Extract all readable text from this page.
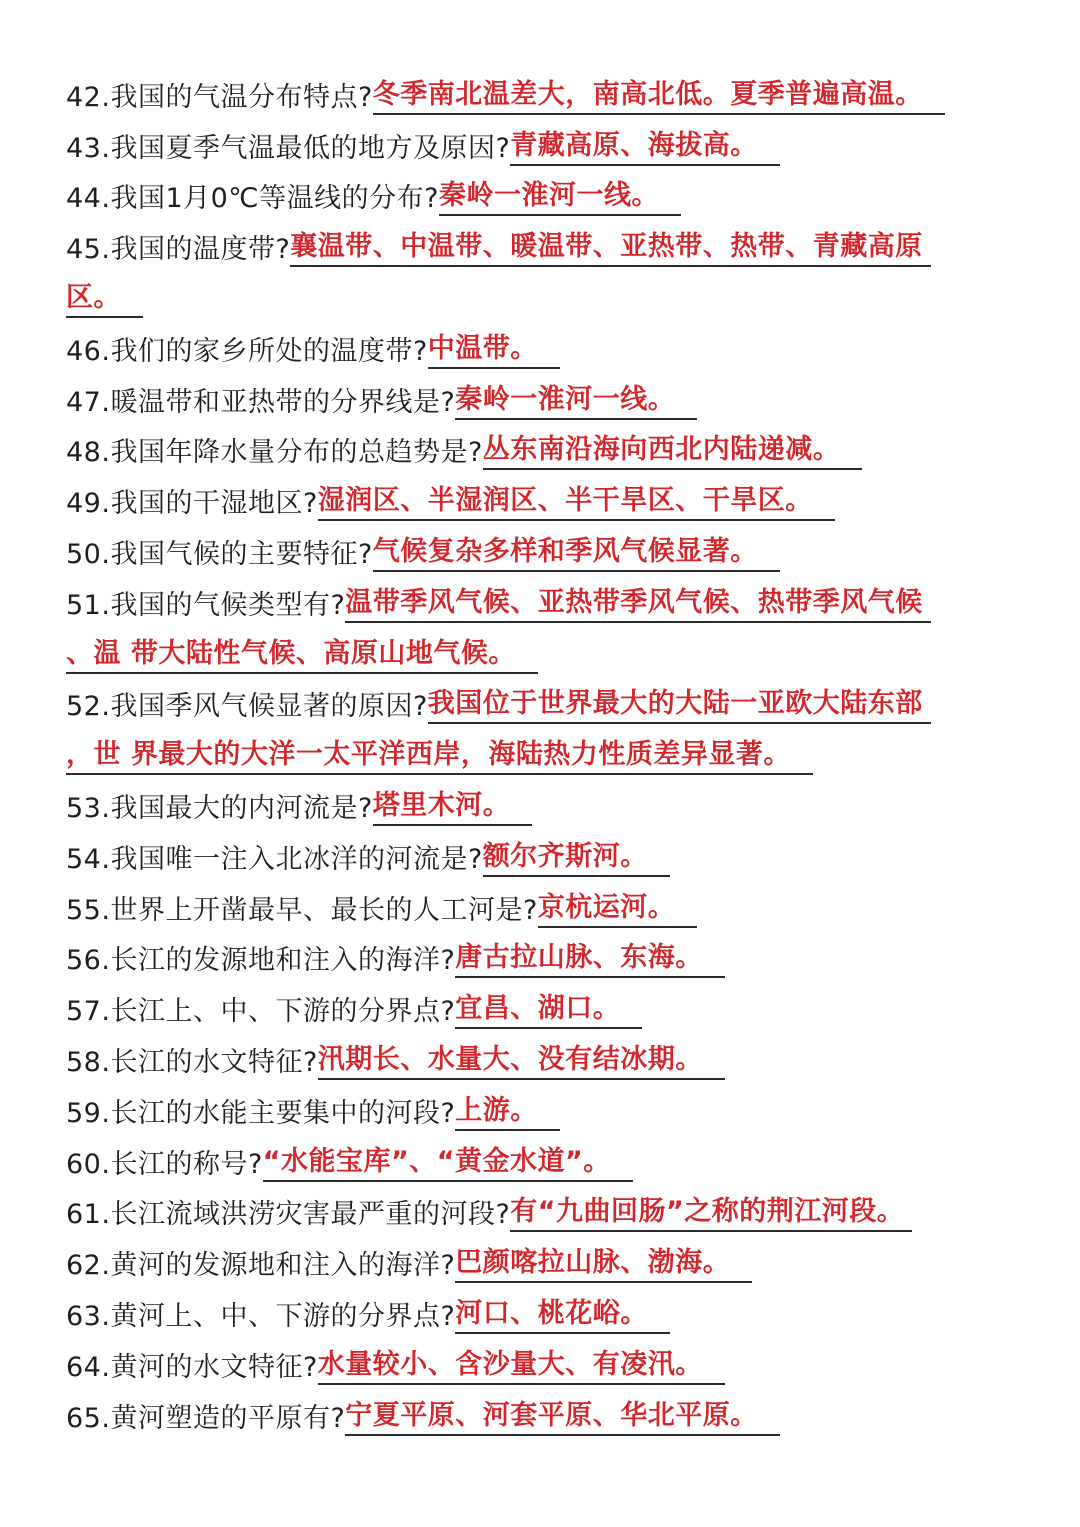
42.我国的气温分布特点? 冬季南北温差大，南高北低。夏季普遍高温。
43.我国夏季气温最低的地方及原因? 青藏高原、海拔高。
44.我国1月0℃等温线的分布? 秦岭一淮河一线。
45.我国的温度带? 襄温带、中温带、暖温带、亚热带、热带、青藏高原
区。
46.我们的家乡所处的温度带? 中温带。
47.暖温带和亚热带的分界线是? 秦岭一淮河一线。
48.我国年降水量分布的总趋势是? 丛东南沿海向西北内陆递减。
49.我国的干湿地区? 湿润区、半湿润区、半干旱区、干旱区。
50.我国气候的主要特征? 气候复杂多样和季风气候显著。
51.我国的气候类型有? 温带季风气候、亚热带季风气候、热带季风气候
、温 带大陆性气候、高原山地气候。
52.我国季风气候显著的原因? 我国位于世界最大的大陆一亚欧大陆东部
，世 界最大的大洋一太平洋西岸，海陆热力性质差异显著。
53.我国最大的内河流是? 塔里木河。
54.我国唯一注入北冰洋的河流是? 额尔齐斯河。
55.世界上开凿最早、最长的人工河是? 京杭运河。
56.长江的发源地和注入的海洋? 唐古拉山脉、东海。
57.长江上、中、下游的分界点? 宜昌、湖口。
58.长江的水文特征? 汛期长、水量大、没有结冰期。
59.长江的水能主要集中的河段? 上游。
60.长江的称号? “水能宝库”、“黄金水道”。
61.长江流域洪涝灾害最严重的河段? 有“九曲回肠”之称的荆江河段。
62.黄河的发源地和注入的海洋? 巴颜喀拉山脉、渤海。
63.黄河上、中、下游的分界点? 河口、桃花峪。
64.黄河的水文特征? 水量较小、含沙量大、有凌汛。
65.黄河塑造的平原有? 宁夏平原、河套平原、华北平原。
